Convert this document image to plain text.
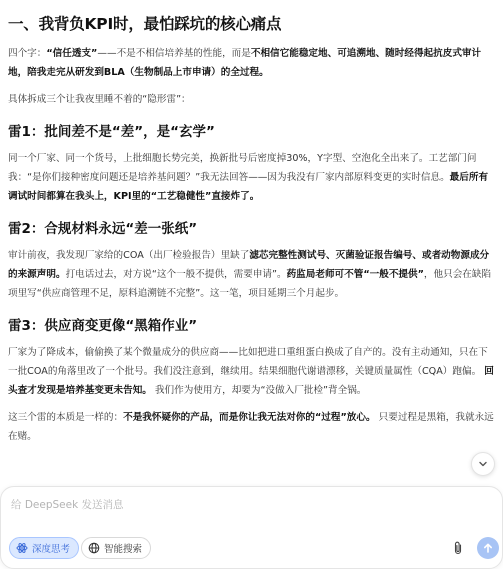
一、我背负KPI时，最怕踩坑的核心痛点

四个字：“信任透支”——不是不相信培养基的性能，而是不相信它能稳定地、可追溯地、随时经得起抗皮式审计地，陪我走完从研发到BLA（生物制品上市申请）的全过程。

具体拆成三个让我夜里睡不着的“隐形雷”：

雷1：批间差不是“差”，是“玄学”

同一个厂家、同一个货号，上批细胞长势完美，换新批号后密度掉30%，Y字型、空泡化全出来了。工艺部门问我：“是你们接种密度问题还是培养基问题？”我无法回答——因为我没有厂家内部原料变更的实时信息。最后所有调试时间都算在我头上，KPI里的“工艺稳健性”直接炸了。

雷2：合规材料永远“差一张纸”

审计前夜，我发现厂家给的COA（出厂检验报告）里缺了滤芯完整性测试号、灭菌验证报告编号、或者动物源成分的来源声明。打电话过去，对方说“这个一般不提供，需要申请”。药监局老师可不管“一般不提供”，他只会在缺陷项里写“供应商管理不足，原料追溯链不完整”。这一笔，项目延期三个月起步。

雷3：供应商变更像“黑箱作业”

厂家为了降成本，偷偷换了某个微量成分的供应商——比如把进口重组蛋白换成了自产的。没有主动通知，只在下一批COA的角落里改了一个批号。我们没注意到，继续用。结果细胞代谢谱漂移，关键质量属性（CQA）跑偏。 回头查才发现是培养基变更未告知。 我们作为使用方，却要为“没做入厂批检”背全锅。

这三个雷的本质是一样的：不是我怀疑你的产品，而是你让我无法对你的“过程”放心。 只要过程是黑箱，我就永远在赌。

给 DeepSeek 发送消息
深度思考	智能搜索
